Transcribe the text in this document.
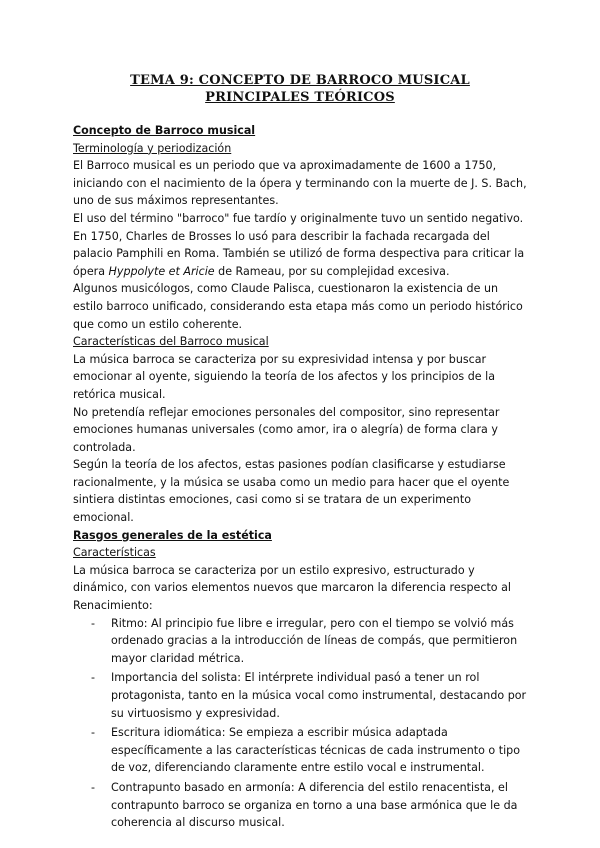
TEMA 9: CONCEPTO DE BARROCO MUSICAL PRINCIPALES TEÓRICOS

Concepto de Barroco musical

Terminología y periodización

El Barroco musical es un periodo que va aproximadamente de 1600 a 1750, iniciando con el nacimiento de la ópera y terminando con la muerte de J. S. Bach, uno de sus máximos representantes.

El uso del término "barroco" fue tardío y originalmente tuvo un sentido negativo. En 1750, Charles de Brosses lo usó para describir la fachada recargada del palacio Pamphili en Roma. También se utilizó de forma despectiva para criticar la ópera Hyppolyte et Aricie de Rameau, por su complejidad excesiva.

Algunos musicólogos, como Claude Palisca, cuestionaron la existencia de un estilo barroco unificado, considerando esta etapa más como un periodo histórico que como un estilo coherente.

Características del Barroco musical

La música barroca se caracteriza por su expresividad intensa y por buscar emocionar al oyente, siguiendo la teoría de los afectos y los principios de la retórica musical.

No pretendía reflejar emociones personales del compositor, sino representar emociones humanas universales (como amor, ira o alegría) de forma clara y controlada.

Según la teoría de los afectos, estas pasiones podían clasificarse y estudiarse racionalmente, y la música se usaba como un medio para hacer que el oyente sintiera distintas emociones, casi como si se tratara de un experimento emocional.

Rasgos generales de la estética

Características

La música barroca se caracteriza por un estilo expresivo, estructurado y dinámico, con varios elementos nuevos que marcaron la diferencia respecto al Renacimiento:

- Ritmo: Al principio fue libre e irregular, pero con el tiempo se volvió más ordenado gracias a la introducción de líneas de compás, que permitieron mayor claridad métrica.
- Importancia del solista: El intérprete individual pasó a tener un rol protagonista, tanto en la música vocal como instrumental, destacando por su virtuosismo y expresividad.
- Escritura idiomática: Se empieza a escribir música adaptada específicamente a las características técnicas de cada instrumento o tipo de voz, diferenciando claramente entre estilo vocal e instrumental.
- Contrapunto basado en armonía: A diferencia del estilo renacentista, el contrapunto barroco se organiza en torno a una base armónica que le da coherencia al discurso musical.
